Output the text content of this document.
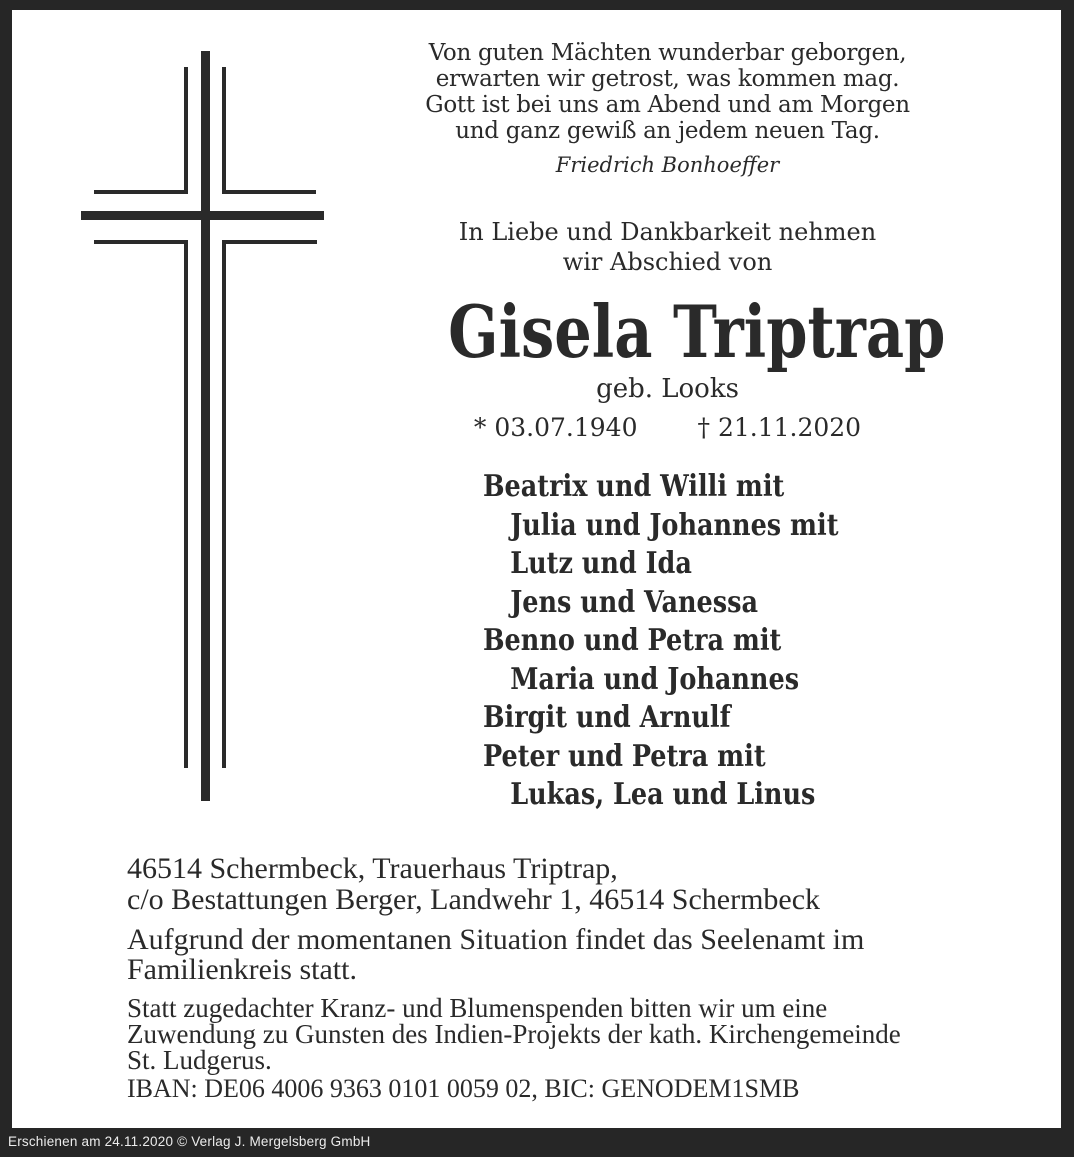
Von guten Mächten wunderbar geborgen,
erwarten wir getrost, was kommen mag.
Gott ist bei uns am Abend und am Morgen
und ganz gewiß an jedem neuen Tag.
Friedrich Bonhoeffer
In Liebe und Dankbarkeit nehmen
wir Abschied von
Gisela Triptrap
geb. Looks
* 03.07.1940 † 21.11.2020
Beatrix und Willi mit
Julia und Johannes mit
Lutz und Ida
Jens und Vanessa
Benno und Petra mit
Maria und Johannes
Birgit und Arnulf
Peter und Petra mit
Lukas, Lea und Linus
46514 Schermbeck, Trauerhaus Triptrap,
c/o Bestattungen Berger, Landwehr 1, 46514 Schermbeck
Aufgrund der momentanen Situation findet das Seelenamt im
Familienkreis statt.
Statt zugedachter Kranz- und Blumenspenden bitten wir um eine
Zuwendung zu Gunsten des Indien-Projekts der kath. Kirchengemeinde
St. Ludgerus.
IBAN: DE06 4006 9363 0101 0059 02, BIC: GENODEM1SMB
Erschienen am 24.11.2020 © Verlag J. Mergelsberg GmbH
